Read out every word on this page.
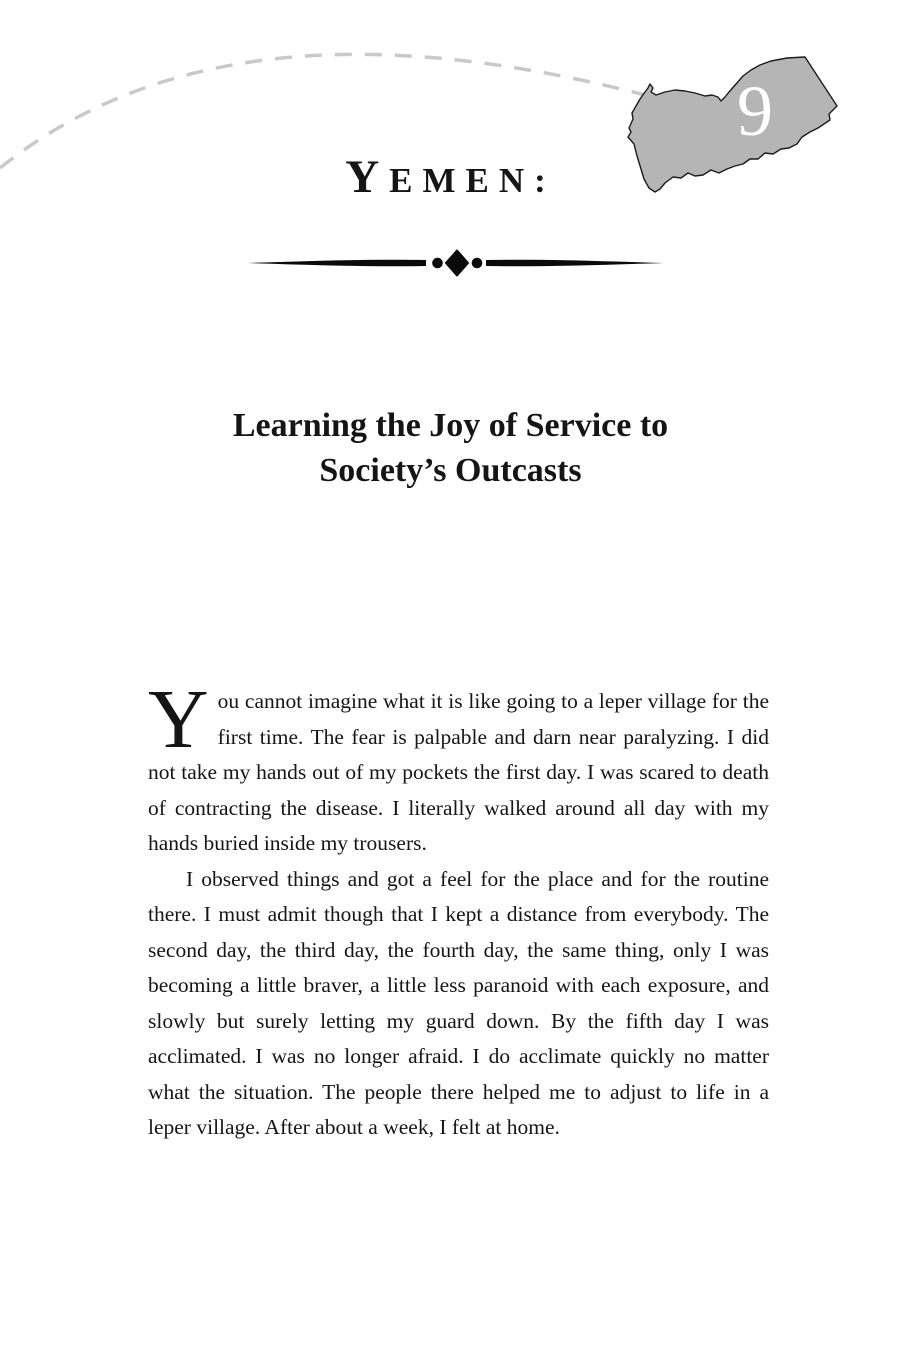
9
YEMEN:
Learning the Joy of Service to
Society’s Outcasts

You cannot imagine what it is like going to a leper village for the first time. The fear is palpable and darn near paralyzing. I did not take my hands out of my pockets the first day. I was scared to death of contracting the disease. I literally walked around all day with my hands buried inside my trousers.

I observed things and got a feel for the place and for the routine there. I must admit though that I kept a distance from everybody. The second day, the third day, the fourth day, the same thing, only I was becoming a little braver, a little less paranoid with each exposure, and slowly but surely letting my guard down. By the fifth day I was acclimated. I was no longer afraid. I do acclimate quickly no matter what the situation. The people there helped me to adjust to life in a leper village. After about a week, I felt at home.
